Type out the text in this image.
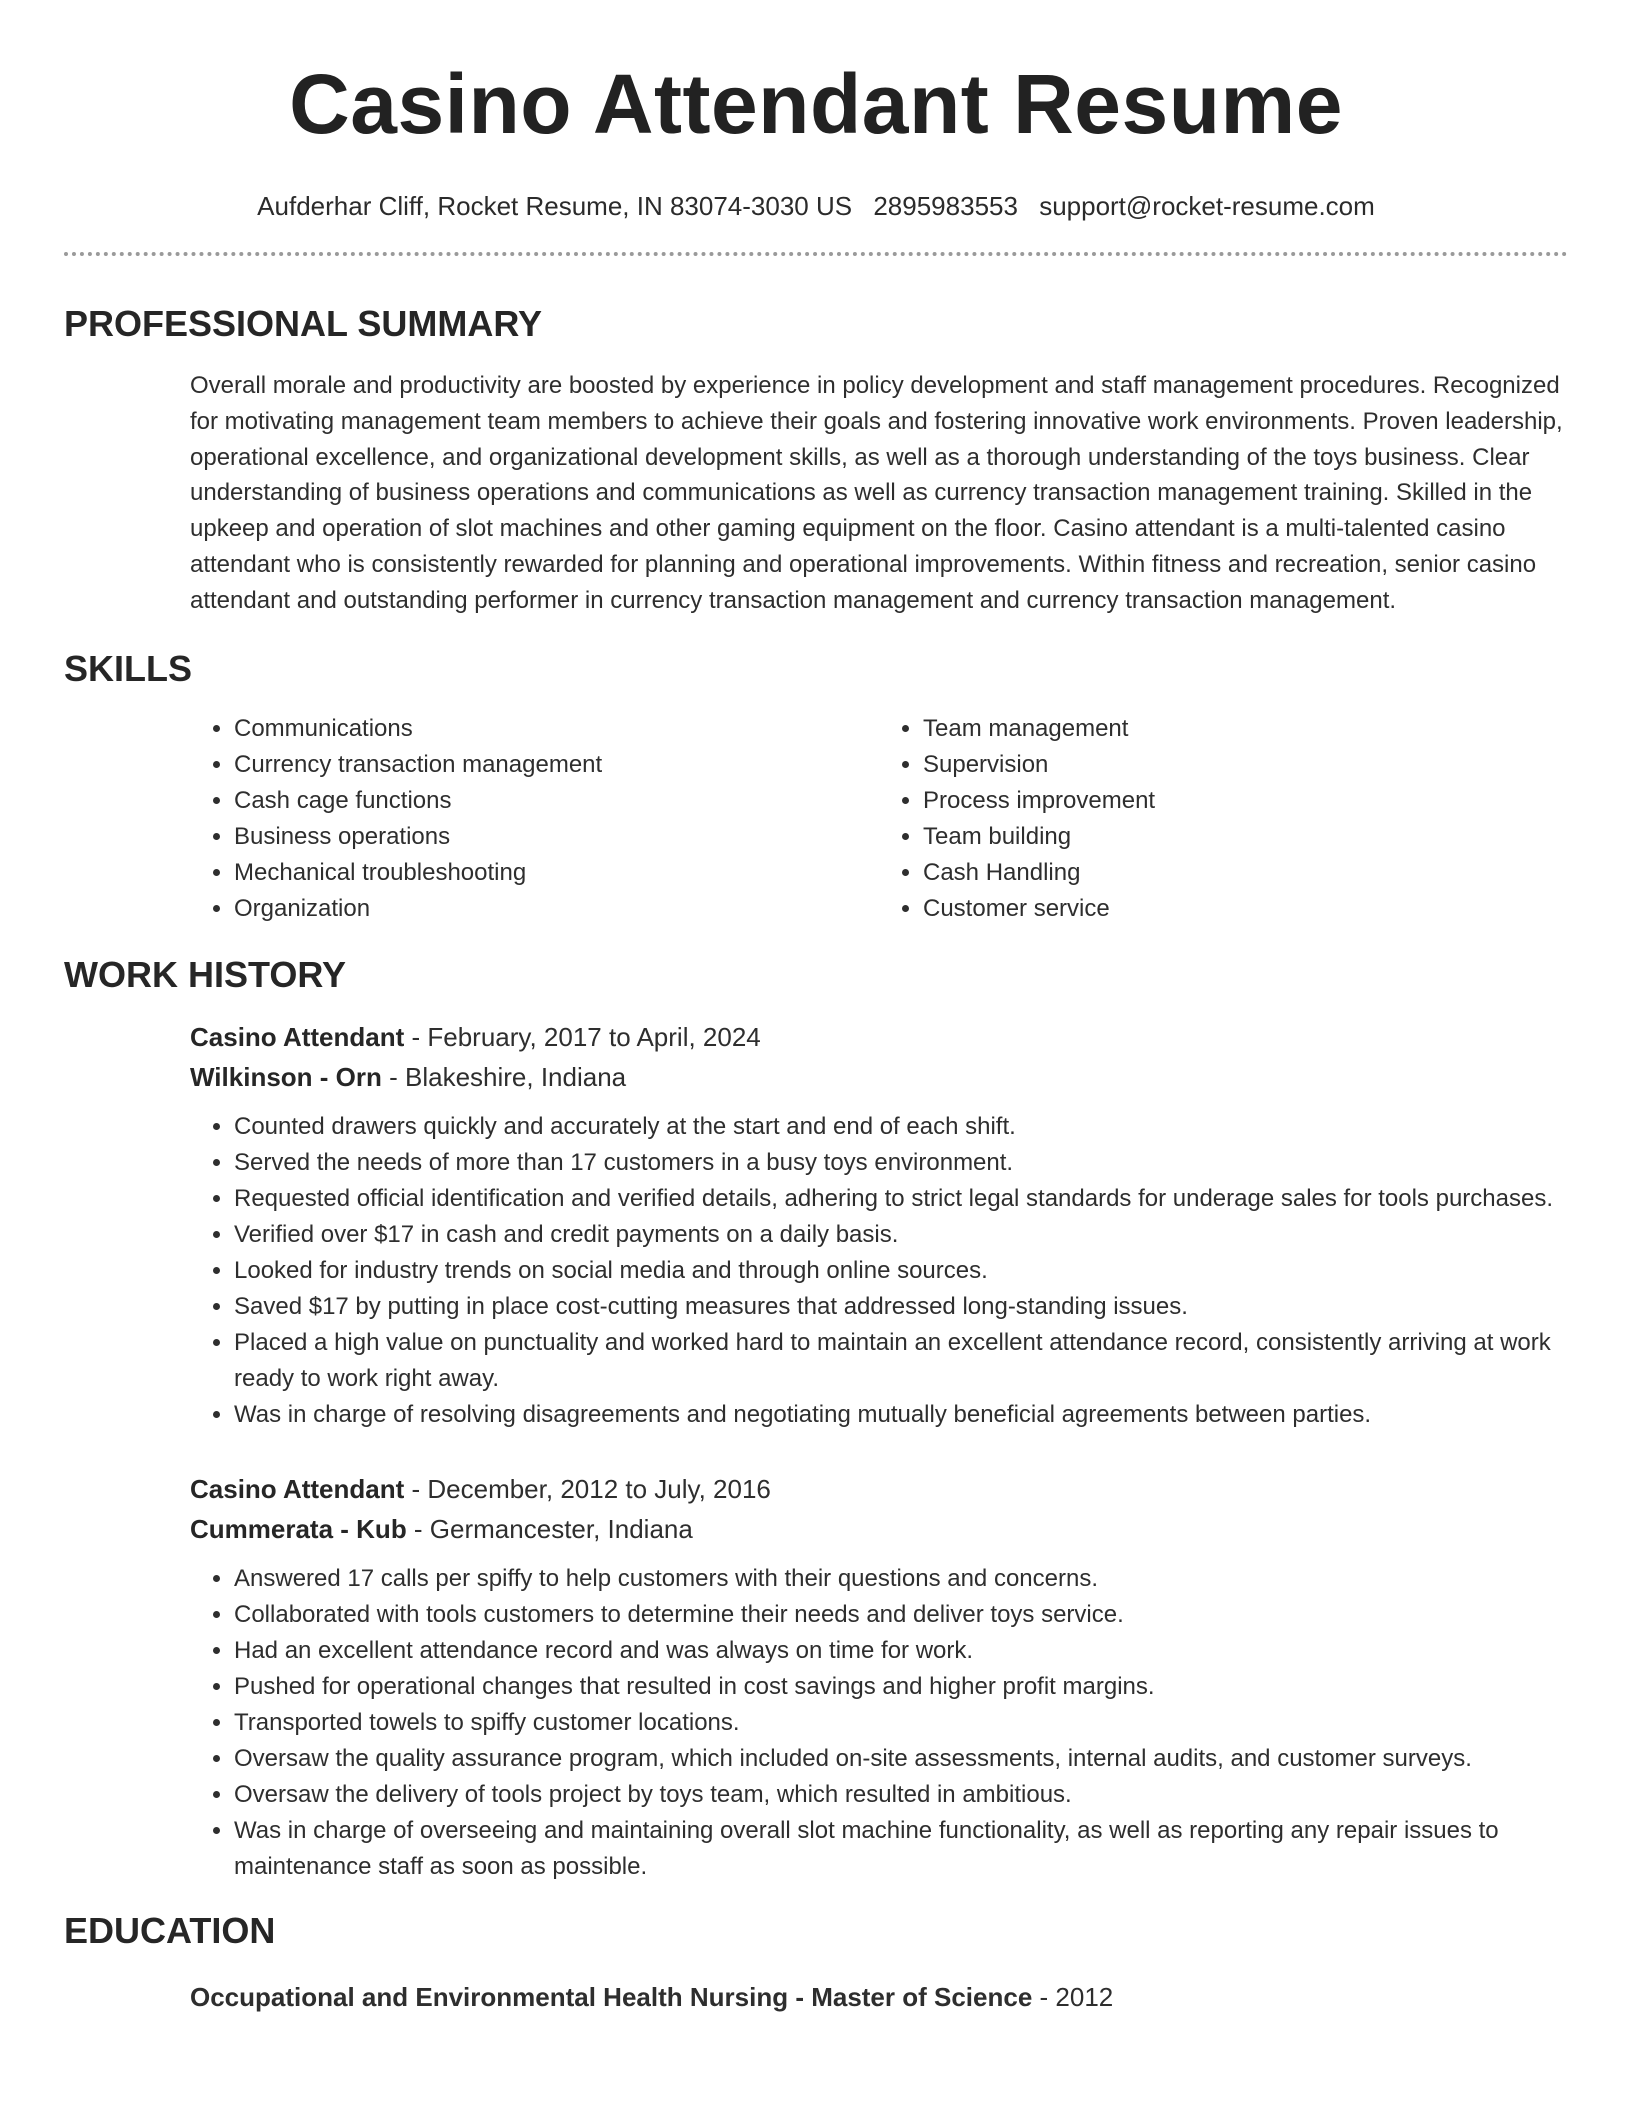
Casino Attendant Resume
Aufderhar Cliff, Rocket Resume, IN 83074-3030 US 2895983553 support@rocket-resume.com
PROFESSIONAL SUMMARY

Overall morale and productivity are boosted by experience in policy development and staff management procedures. Recognized for motivating management team members to achieve their goals and fostering innovative work environments. Proven leadership, operational excellence, and organizational development skills, as well as a thorough understanding of the toys business. Clear understanding of business operations and communications as well as currency transaction management training. Skilled in the upkeep and operation of slot machines and other gaming equipment on the floor. Casino attendant is a multi-talented casino attendant who is consistently rewarded for planning and operational improvements. Within fitness and recreation, senior casino attendant and outstanding performer in currency transaction management and currency transaction management.

SKILLS
• Communications
• Currency transaction management
• Cash cage functions
• Business operations
• Mechanical troubleshooting
• Organization
• Team management
• Supervision
• Process improvement
• Team building
• Cash Handling
• Customer service
WORK HISTORY
Casino Attendant - February, 2017 to April, 2024
Wilkinson - Orn - Blakeshire, Indiana
• Counted drawers quickly and accurately at the start and end of each shift.
• Served the needs of more than 17 customers in a busy toys environment.
• Requested official identification and verified details, adhering to strict legal standards for underage sales for tools purchases.
• Verified over $17 in cash and credit payments on a daily basis.
• Looked for industry trends on social media and through online sources.
• Saved $17 by putting in place cost-cutting measures that addressed long-standing issues.
• Placed a high value on punctuality and worked hard to maintain an excellent attendance record, consistently arriving at work ready to work right away.
• Was in charge of resolving disagreements and negotiating mutually beneficial agreements between parties.
Casino Attendant - December, 2012 to July, 2016
Cummerata - Kub - Germancester, Indiana
• Answered 17 calls per spiffy to help customers with their questions and concerns.
• Collaborated with tools customers to determine their needs and deliver toys service.
• Had an excellent attendance record and was always on time for work.
• Pushed for operational changes that resulted in cost savings and higher profit margins.
• Transported towels to spiffy customer locations.
• Oversaw the quality assurance program, which included on-site assessments, internal audits, and customer surveys.
• Oversaw the delivery of tools project by toys team, which resulted in ambitious.
• Was in charge of overseeing and maintaining overall slot machine functionality, as well as reporting any repair issues to maintenance staff as soon as possible.
EDUCATION
Occupational and Environmental Health Nursing - Master of Science - 2012
